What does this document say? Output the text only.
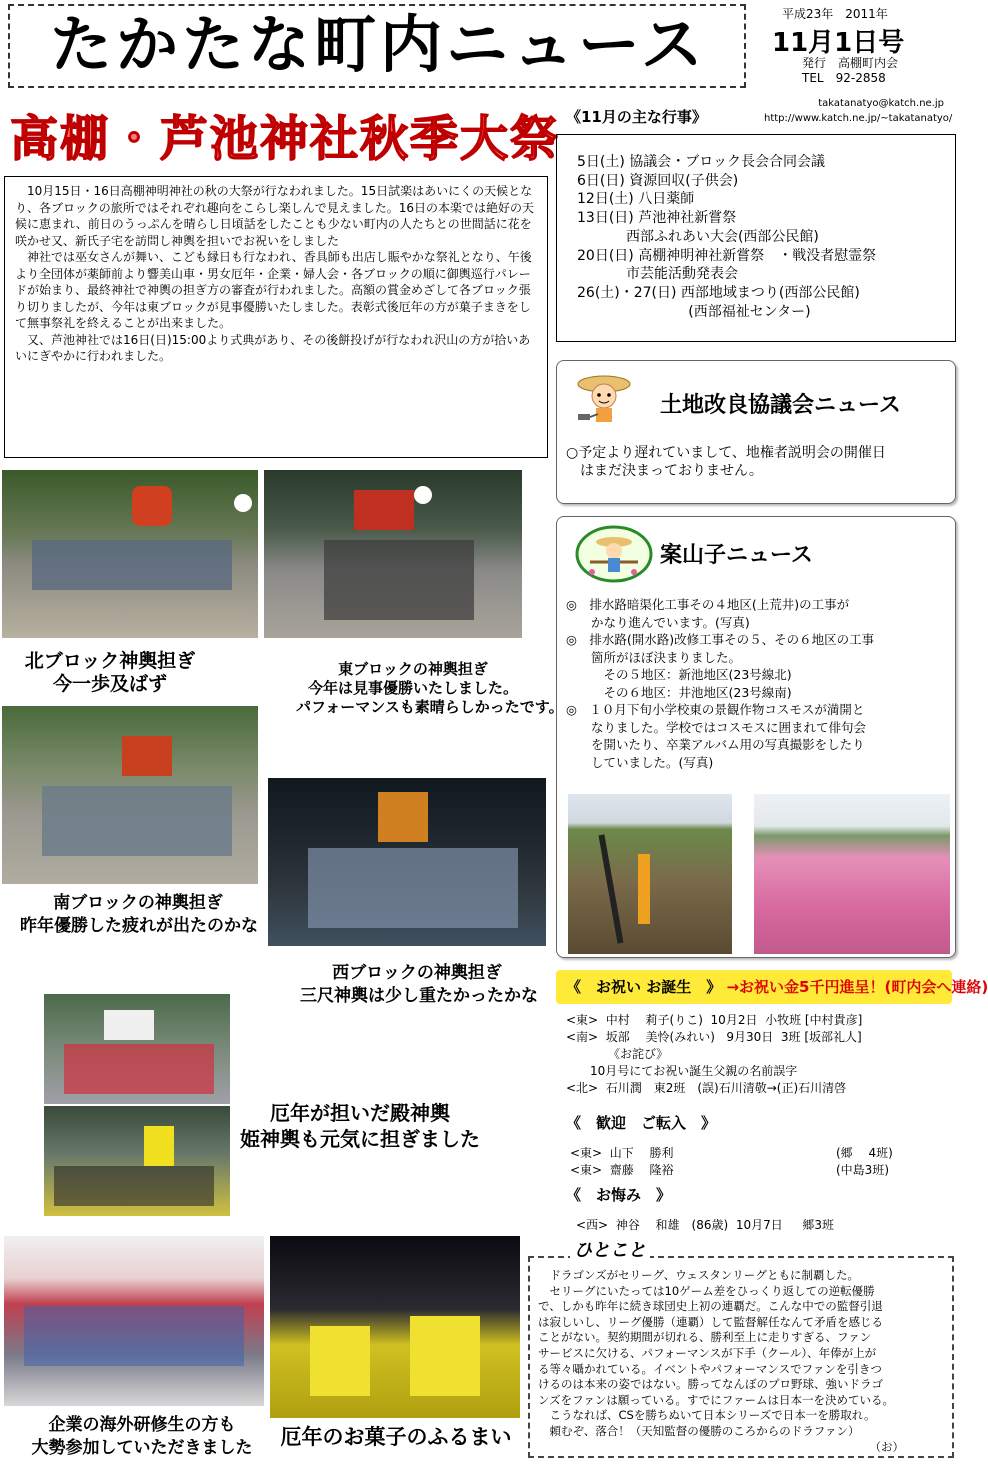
たかたな町内ニュース	平成23年　2011年
11月1日号
発行　高棚町内会
TEL　92-2858
takatanatyo@katch.ne.jp
http://www.katch.ne.jp/~takatanatyo/
高棚・芦池神社秋季大祭

10月15日・16日高棚神明神社の秋の大祭が行なわれました。15日試楽はあいにくの天候となり、各ブロックの旅所ではそれぞれ趣向をこらし楽しんで見えました。16日の本楽では絶好の天候に恵まれ、前日のうっぷんを晴らし日頃話をしたことも少ない町内の人たちとの世間話に花を咲かせ又、新氏子宅を訪問し神輿を担いでお祝いをしました

神社では巫女さんが舞い、こども縁日も行なわれ、香具師も出店し賑やかな祭礼となり、午後より全団体が薬師前より響美山車・男女厄年・企業・婦人会・各ブロックの順に御輿巡行パレードが始まり、最終神社で神輿の担ぎ方の審査が行われました。高額の賞金めざして各ブロック張り切りましたが、今年は東ブロックが見事優勝いたしました。表彰式後厄年の方が菓子まきをして無事祭礼を終えることが出来ました。

又、芦池神社では16日(日)15:00より式典があり、その後餅投げが行なわれ沢山の方が拾いあいにぎやかに行われました。

《11月の主な行事》
5日(土) 協議会・ブロック長会合同会議
6日(日) 資源回収(子供会)
12日(土) 八日薬師
13日(日) 芦池神社新嘗祭
西部ふれあい大会(西部公民館)
20日(日) 高棚神明神社新嘗祭　・戦没者慰霊祭
市芸能活動発表会
26(土)・27(日) 西部地域まつり(西部公民館)
(西部福祉センター)
土地改良協議会ニュース
○予定より遅れていまして、地権者説明会の開催日
　はまだ決まっておりません。
案山子ニュース
◎　排水路暗渠化工事その４地区(上荒井)の工事が
　　かなり進んでいます。(写真)
◎　排水路(開水路)改修工事その５、その６地区の工事
　　箇所がほぼ決まりました。
　　　その５地区：新池地区(23号線北)
　　　その６地区：井池地区(23号線南)
◎　１０月下旬小学校東の景観作物コスモスが満開と
　　なりました。学校ではコスモスに囲まれて俳句会
　　を開いたり、卒業アルバム用の写真撮影をしたり
　　していました。(写真)
北ブロック神輿担ぎ
今一歩及ばず
東ブロックの神輿担ぎ
今年は見事優勝いたしました。
パフォーマンスも素晴らしかったです。
南ブロックの神輿担ぎ
昨年優勝した疲れが出たのかな
西ブロックの神輿担ぎ
三尺神輿は少し重たかったかな
厄年が担いだ殿神輿
姫神輿も元気に担ぎました
企業の海外研修生の方も
大勢参加していただきました	厄年のお菓子のふるまい
《　お祝い お誕生　》 →お祝い金5千円進呈！(町内会へ連絡)
<東>  中村　 莉子(りこ)  10月2日  小牧班 [中村貴彦]
<南>  坂部　 美怜(みれい)   9月30日  3班 [坂部礼人]
　　　　《お詫び》
　　10月号にてお祝い誕生父親の名前誤字
<北>  石川潤　東2班　(誤)石川清敬→(正)石川清啓
《　歓迎　ご転入　》
<東>  山下　 勝利	(郷　 4班)
<東>  齋藤　 隆裕	(中島3班)
《　お悔み　》
<西>  神谷　 和雄　(86歳)  10月7日　  郷3班
　ドラゴンズがセリーグ、ウェスタンリーグともに制覇した。
　セリーグにいたっては10ゲーム差をひっくり返しての逆転優勝
で、しかも昨年に続き球団史上初の連覇だ。こんな中での監督引退
は寂しいし、リーグ優勝（連覇）して監督解任なんて矛盾を感じる
ことがない。契約期間が切れる、勝利至上に走りすぎる、ファン
サービスに欠ける、パフォーマンスが下手（クール）、年俸が上が
る等々囁かれている。イベントやパフォーマンスでファンを引きつ
けるのは本来の姿ではない。勝ってなんぼのプロ野球、強いドラゴ
ンズをファンは願っている。すでにファームは日本一を決めている。
　こうなれば、CSを勝ちぬいて日本シリーズで日本一を勝取れ。
　頼むぞ、落合！（天知監督の優勝のころからのドラファン）
（お）
ひとこと
